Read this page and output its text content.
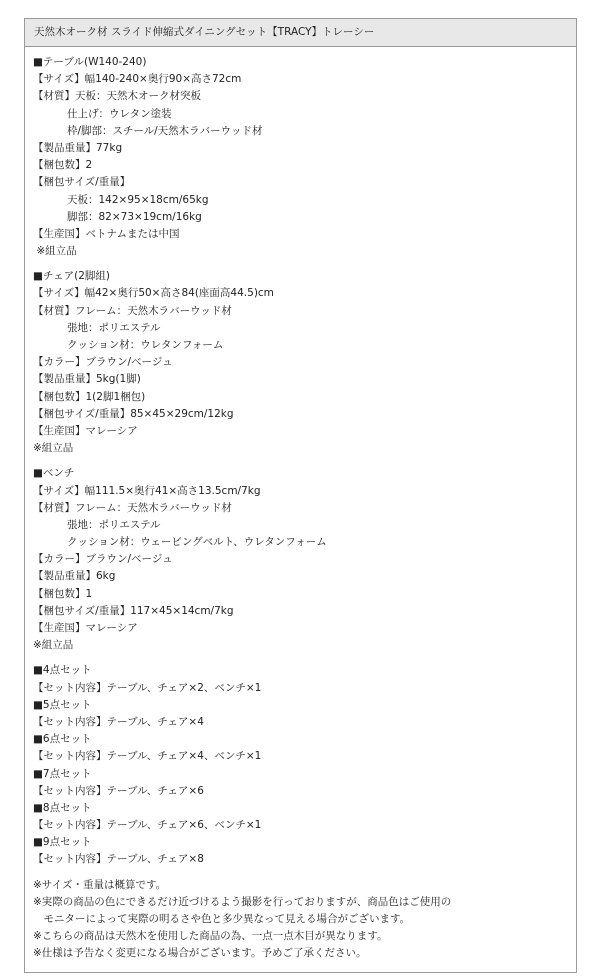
天然木オーク材 スライド伸縮式ダイニングセット【TRACY】トレーシー
■テーブル(W140-240)
【サイズ】幅140-240×奥行90×高さ72cm
【材質】天板：天然木オーク材突板
仕上げ：ウレタン塗装
枠/脚部：スチール/天然木ラバーウッド材
【製品重量】77kg
【梱包数】2
【梱包サイズ/重量】
天板：142×95×18cm/65kg
脚部：82×73×19cm/16kg
【生産国】ベトナムまたは中国
※組立品
■チェア(2脚組)
【サイズ】幅42×奥行50×高さ84(座面高44.5)cm
【材質】フレーム：天然木ラバーウッド材
張地：ポリエステル
クッション材：ウレタンフォーム
【カラー】ブラウン/ベージュ
【製品重量】5kg(1脚)
【梱包数】1(2脚1梱包)
【梱包サイズ/重量】85×45×29cm/12kg
【生産国】マレーシア
※組立品
■ベンチ
【サイズ】幅111.5×奥行41×高さ13.5cm/7kg
【材質】フレーム：天然木ラバーウッド材
張地：ポリエステル
クッション材：ウェービングベルト、ウレタンフォーム
【カラー】ブラウン/ベージュ
【製品重量】6kg
【梱包数】1
【梱包サイズ/重量】117×45×14cm/7kg
【生産国】マレーシア
※組立品
■4点セット
【セット内容】テーブル、チェア×2、ベンチ×1
■5点セット
【セット内容】テーブル、チェア×4
■6点セット
【セット内容】テーブル、チェア×4、ベンチ×1
■7点セット
【セット内容】テーブル、チェア×6
■8点セット
【セット内容】テーブル、チェア×6、ベンチ×1
■9点セット
【セット内容】テーブル、チェア×8
※サイズ・重量は概算です。
※実際の商品の色にできるだけ近づけるよう撮影を行っておりますが、商品色はご使用の
　モニターによって実際の明るさや色と多少異なって見える場合がございます。
※こちらの商品は天然木を使用した商品の為、一点一点木目が異なります。
※仕様は予告なく変更になる場合がございます。予めご了承ください。
